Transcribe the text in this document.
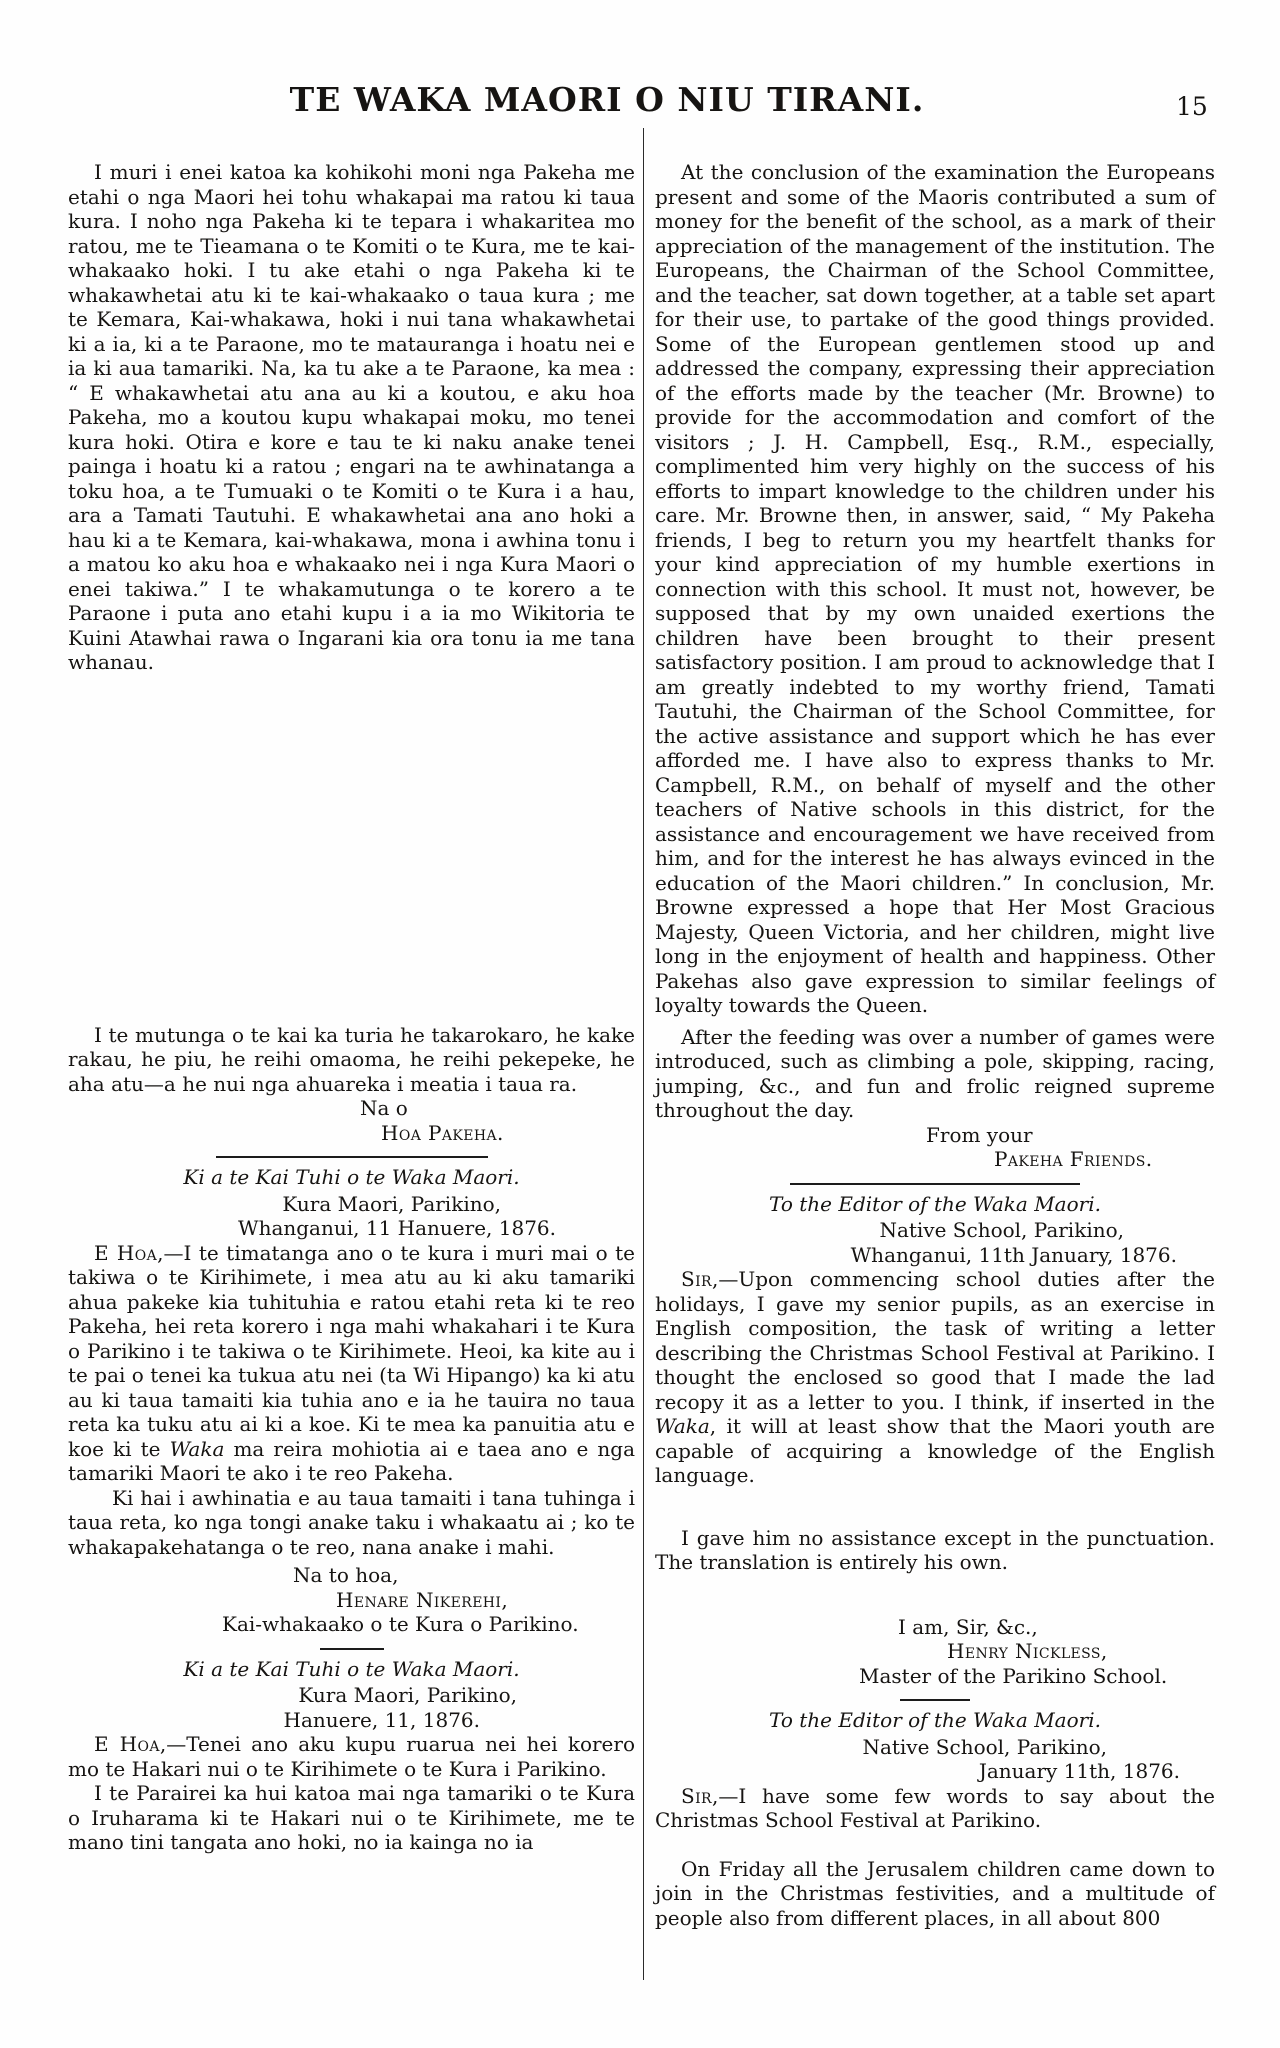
TE WAKA MAORI O NIU TIRANI.	15

I muri i enei katoa ka kohikohi moni nga Pakeha me etahi o nga Maori hei tohu whakapai ma ratou ki taua kura. I noho nga Pakeha ki te tepara i whakaritea mo ratou, me te Tieamana o te Komiti o te Kura, me te kai-whakaako hoki. I tu ake etahi o nga Pakeha ki te whakawhetai atu ki te kai-whakaako o taua kura ; me te Kemara, Kai-whakawa, hoki i nui tana whakawhetai ki a ia, ki a te Paraone, mo te matauranga i hoatu nei e ia ki aua tamariki. Na, ka tu ake a te Paraone, ka mea : “ E whakawhetai atu ana au ki a koutou, e aku hoa Pakeha, mo a koutou kupu whakapai moku, mo tenei kura hoki. Otira e kore e tau te ki naku anake tenei painga i hoatu ki a ratou ; engari na te awhinatanga a toku hoa, a te Tumuaki o te Komiti o te Kura i a hau, ara a Tamati Tautuhi. E whakawhetai ana ano hoki a hau ki a te Kemara, kai-whakawa, mona i awhina tonu i a matou ko aku hoa e whakaako nei i nga Kura Maori o enei takiwa.” I te whakamutunga o te korero a te Paraone i puta ano etahi kupu i a ia mo Wikitoria te Kuini Atawhai rawa o Ingarani kia ora tonu ia me tana whanau.

I te mutunga o te kai ka turia he takarokaro, he kake rakau, he piu, he reihi omaoma, he reihi pekepeke, he aha atu—a he nui nga ahuareka i meatia i taua ra.

Na o
Hoa Pakeha.
Ki a te Kai Tuhi o te Waka Maori.
Kura Maori, Parikino,
Whanganui, 11 Hanuere, 1876.

E Hoa,—I te timatanga ano o te kura i muri mai o te takiwa o te Kirihimete, i mea atu au ki aku tamariki ahua pakeke kia tuhituhia e ratou etahi reta ki te reo Pakeha, hei reta korero i nga mahi whakahari i te Kura o Parikino i te takiwa o te Kirihimete. Heoi, ka kite au i te pai o tenei ka tukua atu nei (ta Wi Hipango) ka ki atu au ki taua tamaiti kia tuhia ano e ia he tauira no taua reta ka tuku atu ai ki a koe. Ki te mea ka panuitia atu e koe ki te Waka ma reira mohiotia ai e taea ano e nga tamariki Maori te ako i te reo Pakeha.

Ki hai i awhinatia e au taua tamaiti i tana tuhinga i taua reta, ko nga tongi anake taku i whakaatu ai ; ko te whakapakehatanga o te reo, nana anake i mahi.

Na to hoa,
Henare Nikerehi,
Kai-whakaako o te Kura o Parikino.
Ki a te Kai Tuhi o te Waka Maori.
Kura Maori, Parikino,
Hanuere, 11, 1876.

E Hoa,—Tenei ano aku kupu ruarua nei hei korero mo te Hakari nui o te Kirihimete o te Kura i Parikino.

I te Parairei ka hui katoa mai nga tamariki o te Kura o Iruharama ki te Hakari nui o te Kirihimete, me te mano tini tangata ano hoki, no ia kainga no ia

At the conclusion of the examination the Europeans present and some of the Maoris contributed a sum of money for the benefit of the school, as a mark of their appreciation of the management of the institution. The Europeans, the Chairman of the School Committee, and the teacher, sat down together, at a table set apart for their use, to partake of the good things provided. Some of the European gentlemen stood up and addressed the company, expressing their appreciation of the efforts made by the teacher (Mr. Browne) to provide for the accommodation and comfort of the visitors ; J. H. Campbell, Esq., R.M., especially, complimented him very highly on the success of his efforts to impart knowledge to the children under his care. Mr. Browne then, in answer, said, “ My Pakeha friends, I beg to return you my heartfelt thanks for your kind appreciation of my humble exertions in connection with this school. It must not, however, be supposed that by my own unaided exertions the children have been brought to their present satisfactory position. I am proud to acknowledge that I am greatly indebted to my worthy friend, Tamati Tautuhi, the Chairman of the School Committee, for the active assistance and support which he has ever afforded me. I have also to express thanks to Mr. Campbell, R.M., on behalf of myself and the other teachers of Native schools in this district, for the assistance and encouragement we have received from him, and for the interest he has always evinced in the education of the Maori children.” In conclusion, Mr. Browne expressed a hope that Her Most Gracious Majesty, Queen Victoria, and her children, might live long in the enjoyment of health and happiness. Other Pakehas also gave expression to similar feelings of loyalty towards the Queen.

After the feeding was over a number of games were introduced, such as climbing a pole, skipping, racing, jumping, &c., and fun and frolic reigned supreme throughout the day.

From your
Pakeha Friends.
To the Editor of the Waka Maori.
Native School, Parikino,
Whanganui, 11th January, 1876.

Sir,—Upon commencing school duties after the holidays, I gave my senior pupils, as an exercise in English composition, the task of writing a letter describing the Christmas School Festival at Parikino. I thought the enclosed so good that I made the lad recopy it as a letter to you. I think, if inserted in the Waka, it will at least show that the Maori youth are capable of acquiring a knowledge of the English language.

I gave him no assistance except in the punctuation. The translation is entirely his own.

I am, Sir, &c.,
Henry Nickless,
Master of the Parikino School.
To the Editor of the Waka Maori.
Native School, Parikino,
January 11th, 1876.

Sir,—I have some few words to say about the Christmas School Festival at Parikino.

On Friday all the Jerusalem children came down to join in the Christmas festivities, and a multitude of people also from different places, in all about 800
